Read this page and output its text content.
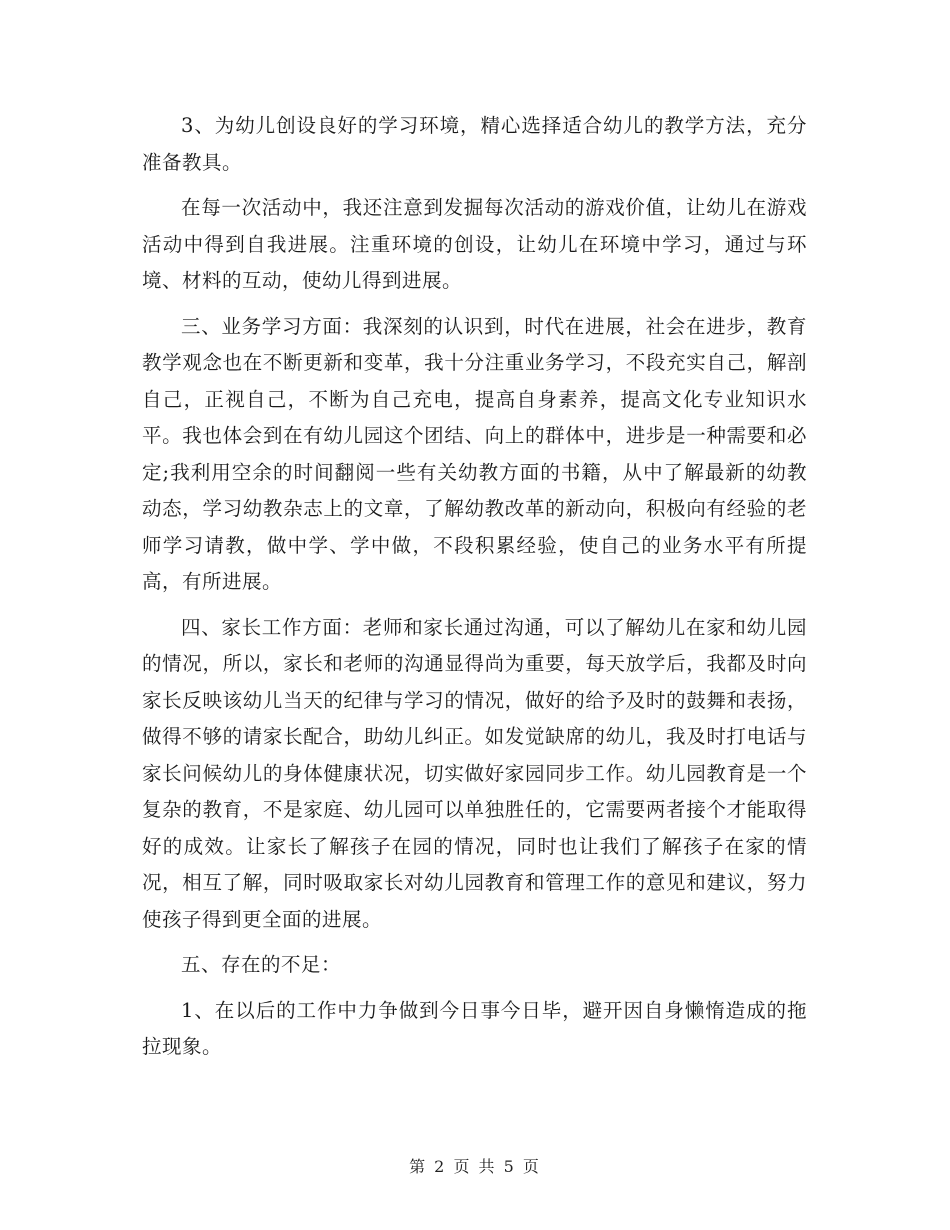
3、为幼儿创设良好的学习环境，精心选择适合幼儿的教学方法，充分准备教具。

在每一次活动中，我还注意到发掘每次活动的游戏价值，让幼儿在游戏活动中得到自我进展。注重环境的创设，让幼儿在环境中学习，通过与环境、材料的互动，使幼儿得到进展。

三、业务学习方面：我深刻的认识到，时代在进展，社会在进步，教育教学观念也在不断更新和变革，我十分注重业务学习，不段充实自己，解剖自己，正视自己，不断为自己充电，提高自身素养，提高文化专业知识水平。我也体会到在有幼儿园这个团结、向上的群体中，进步是一种需要和必定;我利用空余的时间翻阅一些有关幼教方面的书籍，从中了解最新的幼教动态，学习幼教杂志上的文章，了解幼教改革的新动向，积极向有经验的老师学习请教，做中学、学中做，不段积累经验，使自己的业务水平有所提高，有所进展。

四、家长工作方面：老师和家长通过沟通，可以了解幼儿在家和幼儿园的情况，所以，家长和老师的沟通显得尚为重要，每天放学后，我都及时向家长反映该幼儿当天的纪律与学习的情况，做好的给予及时的鼓舞和表扬，做得不够的请家长配合，助幼儿纠正。如发觉缺席的幼儿，我及时打电话与家长问候幼儿的身体健康状况，切实做好家园同步工作。幼儿园教育是一个复杂的教育，不是家庭、幼儿园可以单独胜任的，它需要两者接个才能取得好的成效。让家长了解孩子在园的情况，同时也让我们了解孩子在家的情况，相互了解，同时吸取家长对幼儿园教育和管理工作的意见和建议，努力使孩子得到更全面的进展。

五、存在的不足：

1、在以后的工作中力争做到今日事今日毕，避开因自身懒惰造成的拖拉现象。

第 2 页 共 5 页
